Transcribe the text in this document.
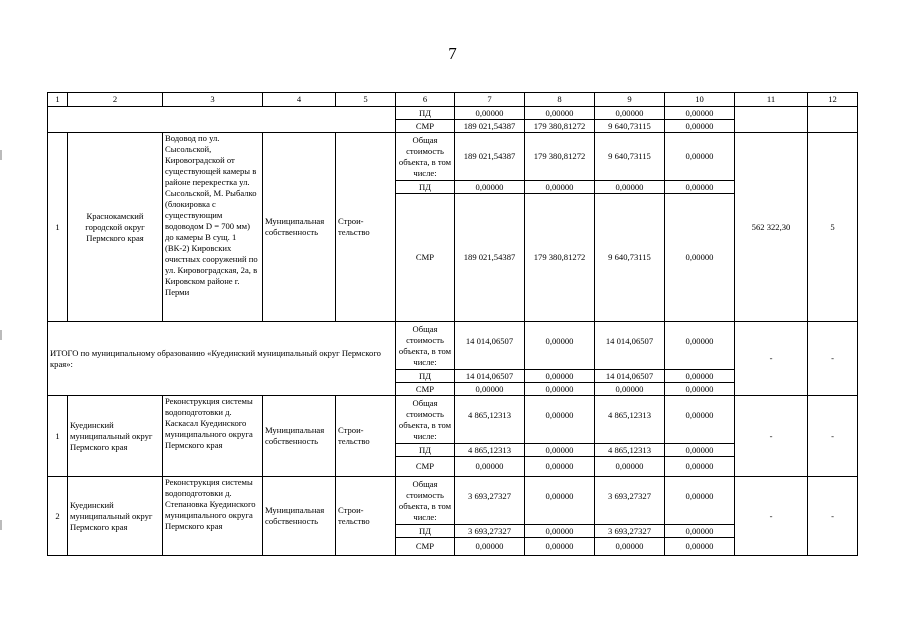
7
1	2	3	4	5	6	7	8	9	10	11	12
					ПД	0,00000	0,00000	0,00000	0,00000		
					СМР	189 021,54387	179 380,81272	9 640,73115	0,00000		
1	Краснокамский городской округ Пермского края	Водовод по ул. Сысольской, Кировоградской от существующей камеры в районе перекрестка ул. Сысольской, М. Рыбалко (блокировка с существующим водоводом D = 700 мм) до камеры В сущ. 1 (ВК-2) Кировских очистных сооружений по ул. Кировоградская, 2а, в Кировском районе г. Перми	Муниципальная собственность	Строи- тельство	Общая стоимость объекта, в том числе:	189 021,54387	179 380,81272	9 640,73115	0,00000	562 322,30	5
					ПД	0,00000	0,00000	0,00000	0,00000		
					СМР	189 021,54387	179 380,81272	9 640,73115	0,00000		
ИТОГО по муниципальному образованию «Куединский муниципальный округ Пермского края»:					Общая стоимость объекта, в том числе:	14 014,06507	0,00000	14 014,06507	0,00000	-	-
					ПД	14 014,06507	0,00000	14 014,06507	0,00000		
					СМР	0,00000	0,00000	0,00000	0,00000		
1	Куединский муниципальный округ Пермского края	Реконструкция системы водоподготовки д. Каскасал Куединского муниципального округа Пермского края	Муниципальная собственность	Строи- тельство	Общая стоимость объекта, в том числе:	4 865,12313	0,00000	4 865,12313	0,00000	-	-
					ПД	4 865,12313	0,00000	4 865,12313	0,00000		
					СМР	0,00000	0,00000	0,00000	0,00000		
2	Куединский муниципальный округ Пермского края	Реконструкция системы водоподготовки д. Степановка Куединского муниципального округа Пермского края	Муниципальная собственность	Строи- тельство	Общая стоимость объекта, в том числе:	3 693,27327	0,00000	3 693,27327	0,00000	-	-
					ПД	3 693,27327	0,00000	3 693,27327	0,00000		
					СМР	0,00000	0,00000	0,00000	0,00000		
